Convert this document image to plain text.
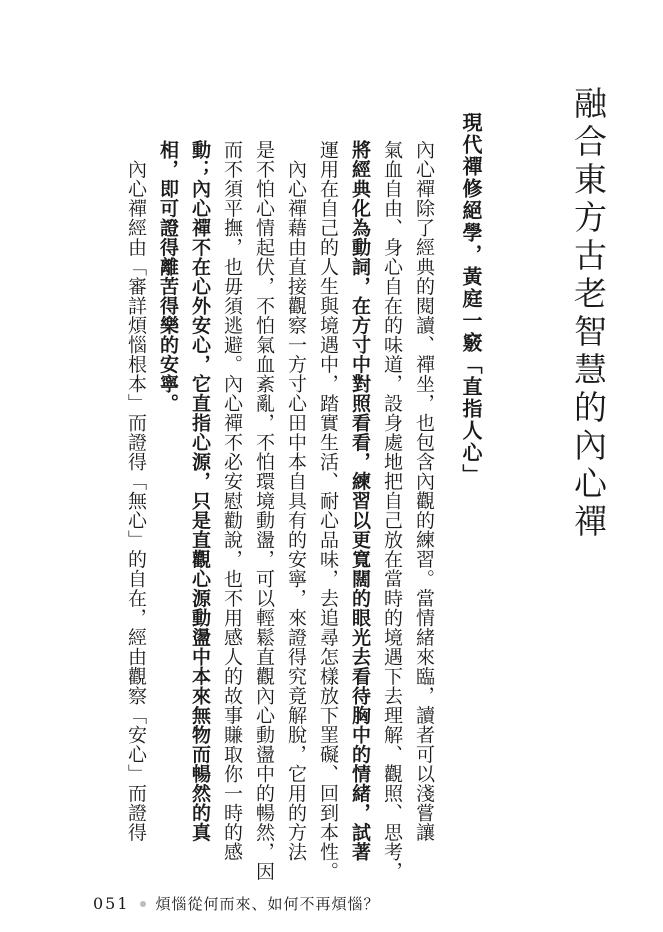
融合東方古老智慧的內心禪
現代禪修絕學，黃庭一竅「直指人心」
內心禪除了經典的閱讀、禪坐，也包含內觀的練習。當情緒來臨，讀者可以淺嘗讓
氣血自由、身心自在的味道，設身處地把自己放在當時的境遇下去理解、觀照、思考，
將經典化為動詞，在方寸中對照看看，練習以更寬闊的眼光去看待胸中的情緒，試著
運用在自己的人生與境遇中，踏實生活、耐心品味，去追尋怎樣放下罣礙、回到本性。
　內心禪藉由直接觀察一方寸心田中本自具有的安寧，來證得究竟解脫，它用的方法
是不怕心情起伏，不怕氣血紊亂，不怕環境動盪，可以輕鬆直觀內心動盪中的暢然，因
而不須平撫，也毋須逃避。內心禪不必安慰勸說，也不用感人的故事賺取你一時的感
動；內心禪不在心外安心，它直指心源，只是直觀心源動盪中本來無物而暢然的真
相，即可證得離苦得樂的安寧。
　內心禪經由「審詳煩惱根本」而證得「無心」的自在，經由觀察「安心」而證得
051 煩惱從何而來、如何不再煩惱？
